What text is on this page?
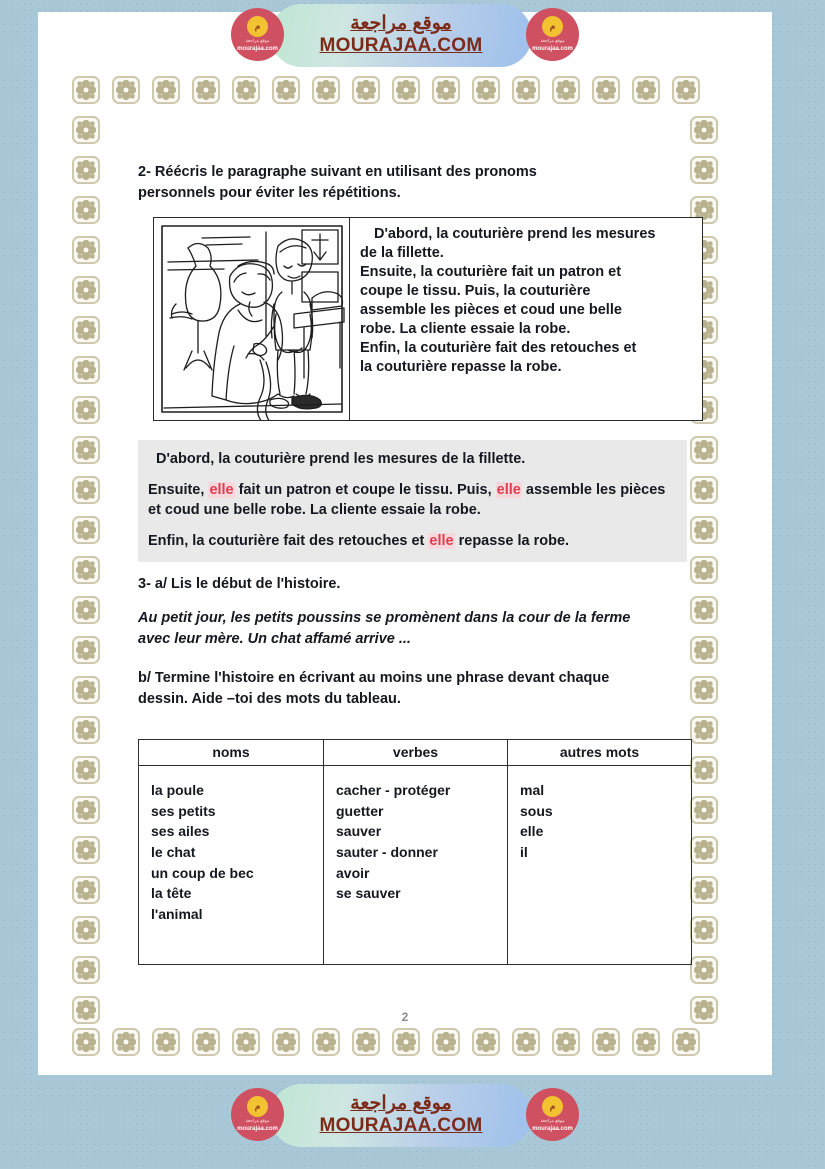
2- Réécris le paragraphe suivant en utilisant des pronoms personnels pour éviter les répétitions.

D'abord, la couturière prend les mesures

de la fillette.

Ensuite, la couturière fait un patron et

coupe le tissu. Puis, la couturière

assemble les pièces et coud une belle

robe. La cliente essaie la robe.

Enfin, la couturière fait des retouches et

la couturière repasse la robe.

D'abord, la couturière prend les mesures de la fillette.

Ensuite, elle fait un patron et coupe le tissu. Puis, elle assemble les pièces et coud une belle robe. La cliente essaie la robe.

Enfin, la couturière fait des retouches et elle repasse la robe.

3- a/ Lis le début de l'histoire.

Au petit jour, les petits poussins se promènent dans la cour de la ferme avec leur mère. Un chat affamé arrive ...

b/ Termine l'histoire en écrivant au moins une phrase devant chaque dessin. Aide –toi des mots du tableau.

noms	verbes	autres mots

la poule
ses petits
ses ailes
le chat
un coup de bec
la tête
l'animal

cacher - protéger
guetter
sauver
sauter - donner
avoir
se sauver

mal
sous
elle
il
2
م
موقع مراجعة
mourajaa.com
موقع مراجعة
MOURAJAA.COM
م
موقع مراجعة
mourajaa.com
م
موقع مراجعة
mourajaa.com
موقع مراجعة
MOURAJAA.COM
م
موقع مراجعة
mourajaa.com
